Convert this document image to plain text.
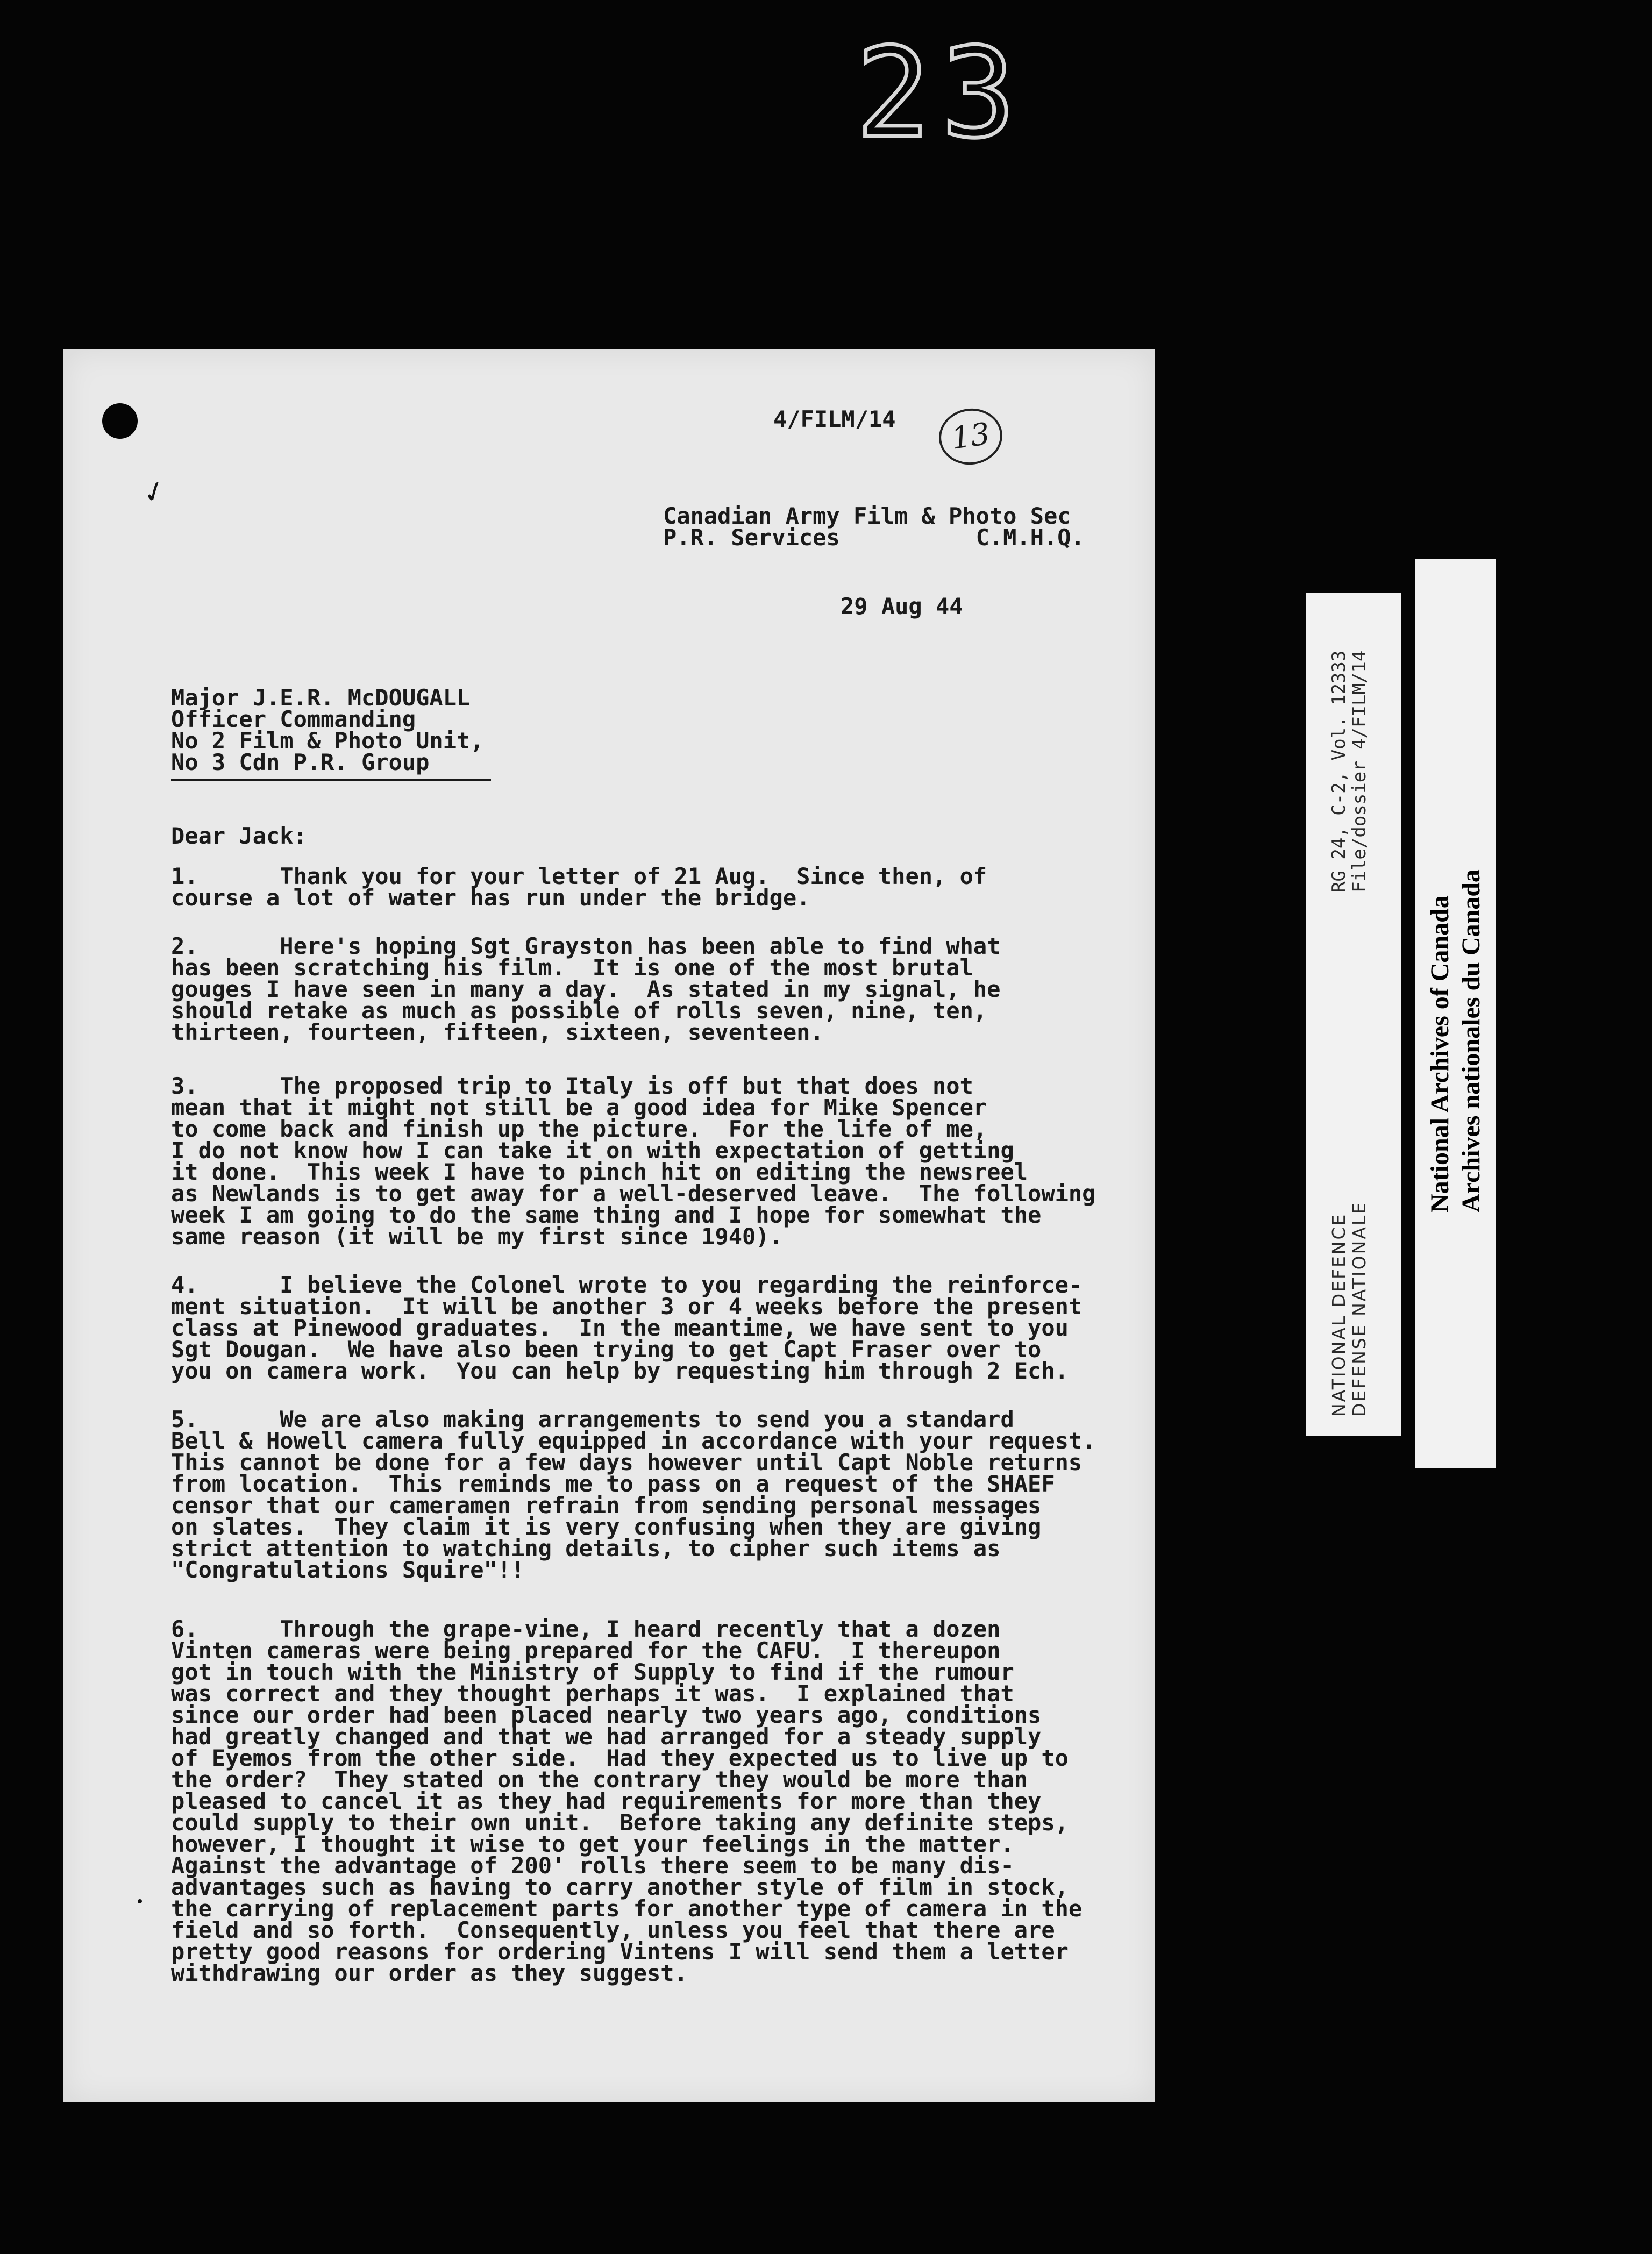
23
✓
4/FILM/14	13
Canadian Army Film & Photo Sec
P.R. Services          C.M.H.Q.
29 Aug 44
Major J.E.R. McDOUGALL
Officer Commanding
No 2 Film & Photo Unit,
No 3 Cdn P.R. Group
Dear Jack:
1.      Thank you for your letter of 21 Aug.  Since then, of
course a lot of water has run under the bridge.
2.      Here's hoping Sgt Grayston has been able to find what
has been scratching his film.  It is one of the most brutal
gouges I have seen in many a day.  As stated in my signal, he
should retake as much as possible of rolls seven, nine, ten,
thirteen, fourteen, fifteen, sixteen, seventeen.
3.      The proposed trip to Italy is off but that does not
mean that it might not still be a good idea for Mike Spencer
to come back and finish up the picture.  For the life of me,
I do not know how I can take it on with expectation of getting
it done.  This week I have to pinch hit on editing the newsreel
as Newlands is to get away for a well-deserved leave.  The following
week I am going to do the same thing and I hope for somewhat the
same reason (it will be my first since 1940).
4.      I believe the Colonel wrote to you regarding the reinforce-
ment situation.  It will be another 3 or 4 weeks before the present
class at Pinewood graduates.  In the meantime, we have sent to you
Sgt Dougan.  We have also been trying to get Capt Fraser over to
you on camera work.  You can help by requesting him through 2 Ech.
5.      We are also making arrangements to send you a standard
Bell & Howell camera fully equipped in accordance with your request.
This cannot be done for a few days however until Capt Noble returns
from location.  This reminds me to pass on a request of the SHAEF
censor that our cameramen refrain from sending personal messages
on slates.  They claim it is very confusing when they are giving
strict attention to watching details, to cipher such items as
"Congratulations Squire"!!
6.      Through the grape-vine, I heard recently that a dozen
Vinten cameras were being prepared for the CAFU.  I thereupon
got in touch with the Ministry of Supply to find if the rumour
was correct and they thought perhaps it was.  I explained that
since our order had been placed nearly two years ago, conditions
had greatly changed and that we had arranged for a steady supply
of Eyemos from the other side.  Had they expected us to live up to
the order?  They stated on the contrary they would be more than
pleased to cancel it as they had requirements for more than they
could supply to their own unit.  Before taking any definite steps,
however, I thought it wise to get your feelings in the matter.
Against the advantage of 200' rolls there seem to be many dis-
advantages such as having to carry another style of film in stock,
the carrying of replacement parts for another type of camera in the
field and so forth.  Consequently, unless you feel that there are
pretty good reasons for ordering Vintens I will send them a letter
withdrawing our order as they suggest.
RG 24, C-2, Vol. 12333
File/dossier 4/FILM/14
NATIONAL DEFENCE DEFENSE NATIONALE
National Archives of Canada Archives nationales du Canada
